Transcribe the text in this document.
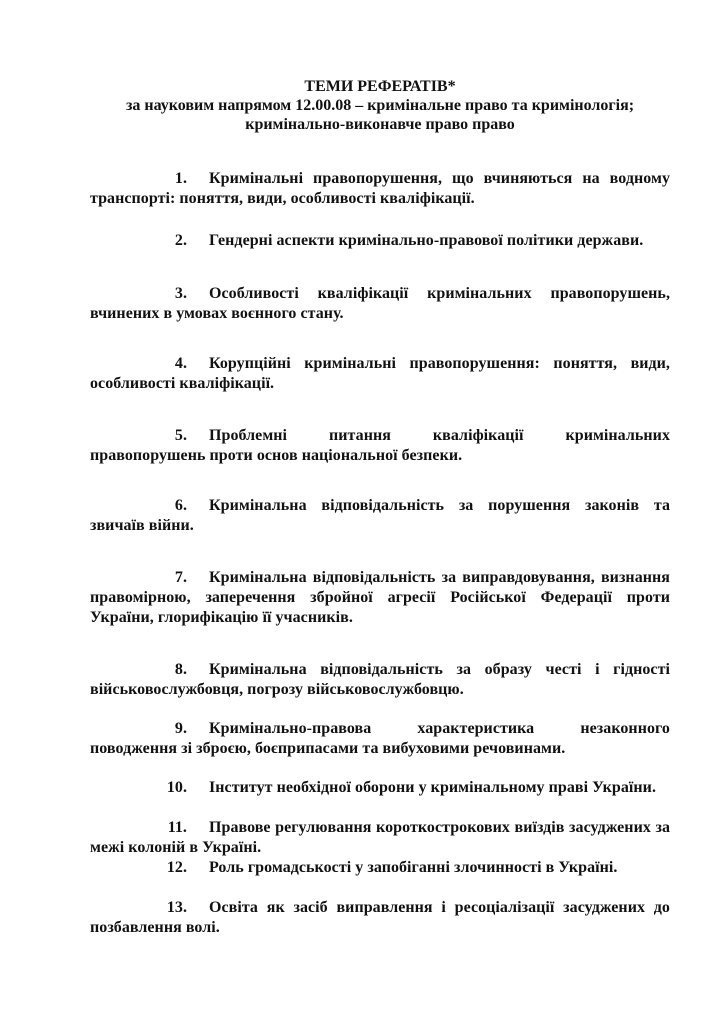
ТЕМИ РЕФЕРАТІВ*
за науковим напрямом 12.00.08 – кримінальне право та кримінологія;
кримінально-виконавче право право
1. Кримінальні правопорушення, що вчиняються на водному транспорті: поняття, види, особливості кваліфікації.
2. Гендерні аспекти кримінально-правової політики держави.
3. Особливості кваліфікації кримінальних правопорушень, вчинених в умовах воєнного стану.
4. Корупційні кримінальні правопорушення: поняття, види, особливості кваліфікації.
5. Проблемні питання кваліфікації кримінальних правопорушень проти основ національної безпеки.
6. Кримінальна відповідальність за порушення законів та звичаїв війни.
7. Кримінальна відповідальність за виправдовування, визнання правомірною, заперечення збройної агресії Російської Федерації проти України, глорифікацію її учасників.
8. Кримінальна відповідальність за образу честі і гідності військовослужбовця, погрозу військовослужбовцю.
9. Кримінально-правова характеристика незаконного поводження зі зброєю, боєприпасами та вибуховими речовинами.
10. Інститут необхідної оборони у кримінальному праві України.
11. Правове регулювання короткострокових виїздів засуджених за межі колоній в Україні.
12. Роль громадськості у запобіганні злочинності в Україні.
13. Освіта як засіб виправлення і ресоціалізації засуджених до позбавлення волі.
